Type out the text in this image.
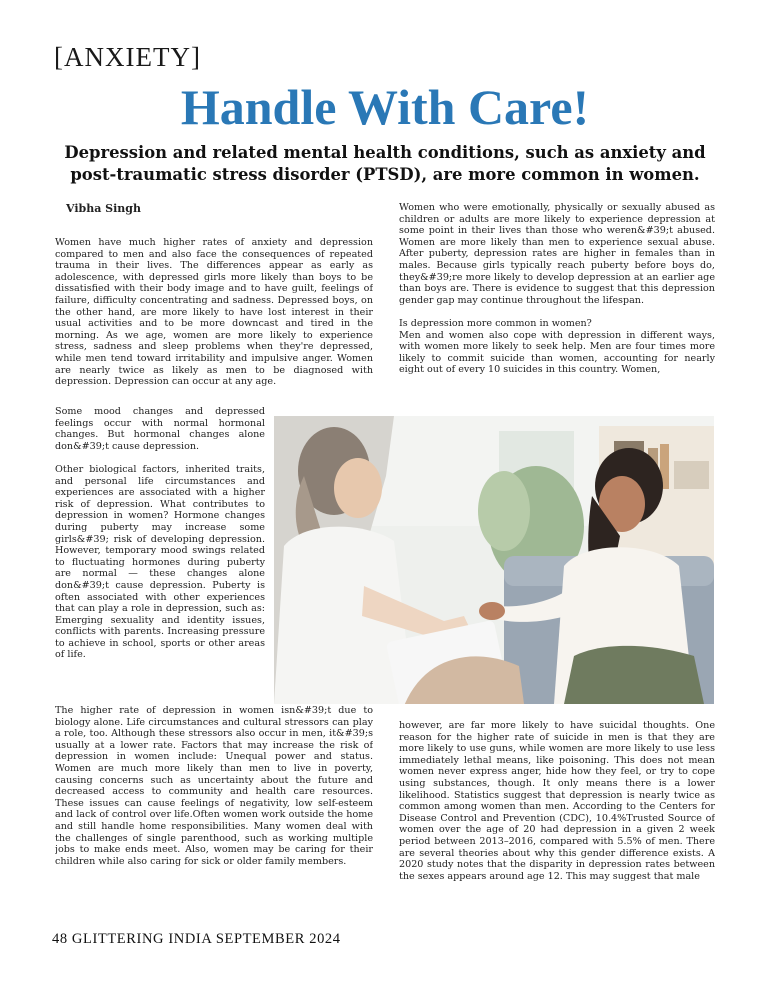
[ANXIETY]
Handle With Care!
Depression and related mental health conditions, such as anxiety and post-traumatic stress disorder (PTSD), are more common in women.
Vibha Singh

Women have much higher rates of anxiety and depression compared to men and also face the consequences of repeated trauma in their lives. The differences appear as early as adolescence, with depressed girls more likely than boys to be dissatisfied with their body image and to have guilt, feelings of failure, difficulty concentrating and sadness. Depressed boys, on the other hand, are more likely to have lost interest in their usual activities and to be more downcast and tired in the morning. As we age, women are more likely to experience stress, sadness and sleep problems when they're depressed, while men tend toward irritability and impulsive anger. Women are nearly twice as likely as men to be diagnosed with depression. Depression can occur at any age.

Some mood changes and depressed feelings occur with normal hormonal changes. But hormonal changes alone don&#39;t cause depression.

Other biological factors, inherited traits, and personal life circumstances and experiences are associated with a higher risk of depression. What contributes to depression in women? Hormone changes during puberty may increase some girls&#39; risk of developing depression. However, temporary mood swings related to fluctuating hormones during puberty are normal — these changes alone don&#39;t cause depression. Puberty is often associated with other experiences that can play a role in depression, such as: Emerging sexuality and identity issues, conflicts with parents. Increasing pressure to achieve in school, sports or other areas of life.

The higher rate of depression in women isn&#39;t due to biology alone. Life circumstances and cultural stressors can play a role, too. Although these stressors also occur in men, it&#39;s usually at a lower rate. Factors that may increase the risk of depression in women include: Unequal power and status. Women are much more likely than men to live in poverty, causing concerns such as uncertainty about the future and decreased access to community and health care resources. These issues can cause feelings of negativity, low self-esteem and lack of control over life.Often women work outside the home and still handle home responsibilities. Many women deal with the challenges of single parenthood, such as working multiple jobs to make ends meet. Also, women may be caring for their children while also caring for sick or older family members.

Women who were emotionally, physically or sexually abused as children or adults are more likely to experience depression at some point in their lives than those who weren&#39;t abused. Women are more likely than men to experience sexual abuse. After puberty, depression rates are higher in females than in males. Because girls typically reach puberty before boys do, they&#39;re more likely to develop depression at an earlier age than boys are. There is evidence to suggest that this depression gender gap may continue throughout the lifespan.

Is depression more common in women?

Men and women also cope with depression in different ways, with women more likely to seek help. Men are four times more likely to commit suicide than women, accounting for nearly eight out of every 10 suicides in this country. Women,

however, are far more likely to have suicidal thoughts. One reason for the higher rate of suicide in men is that they are more likely to use guns, while women are more likely to use less immediately lethal means, like poisoning. This does not mean women never express anger, hide how they feel, or try to cope using substances, though. It only means there is a lower likelihood. Statistics suggest that depression is nearly twice as common among women than men. According to the Centers for Disease Control and Prevention (CDC), 10.4%Trusted Source of women over the age of 20 had depression in a given 2 week period between 2013–2016, compared with 5.5% of men. There are several theories about why this gender difference exists. A 2020 study notes that the disparity in depression rates between the sexes appears around age 12. This may suggest that male

48 GLITTERING INDIA SEPTEMBER 2024
